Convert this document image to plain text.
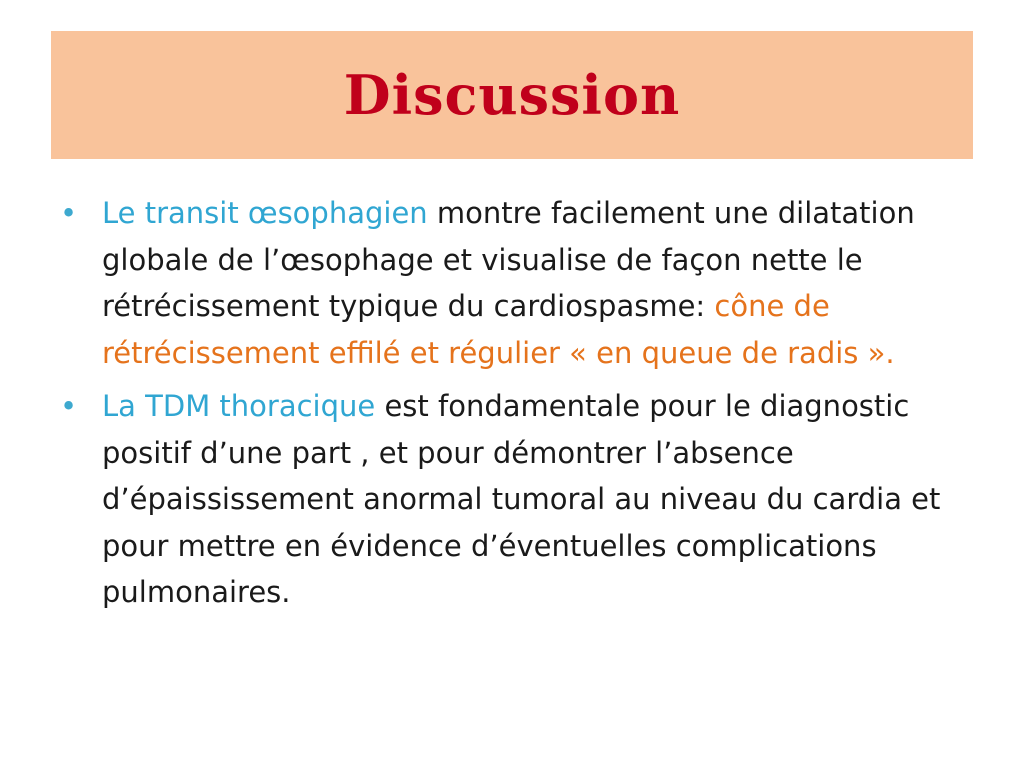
Discussion

• Le transit œsophagien montre facilement une dilatation globale de l’œsophage et visualise de façon nette le rétrécissement typique du cardiospasme: cône de rétrécissement effilé et régulier « en queue de radis ».

• La TDM thoracique est fondamentale pour le diagnostic positif d’une part , et pour démontrer l’absence d’épaississement anormal tumoral au niveau du cardia et pour mettre en évidence d’éventuelles complications pulmonaires.
